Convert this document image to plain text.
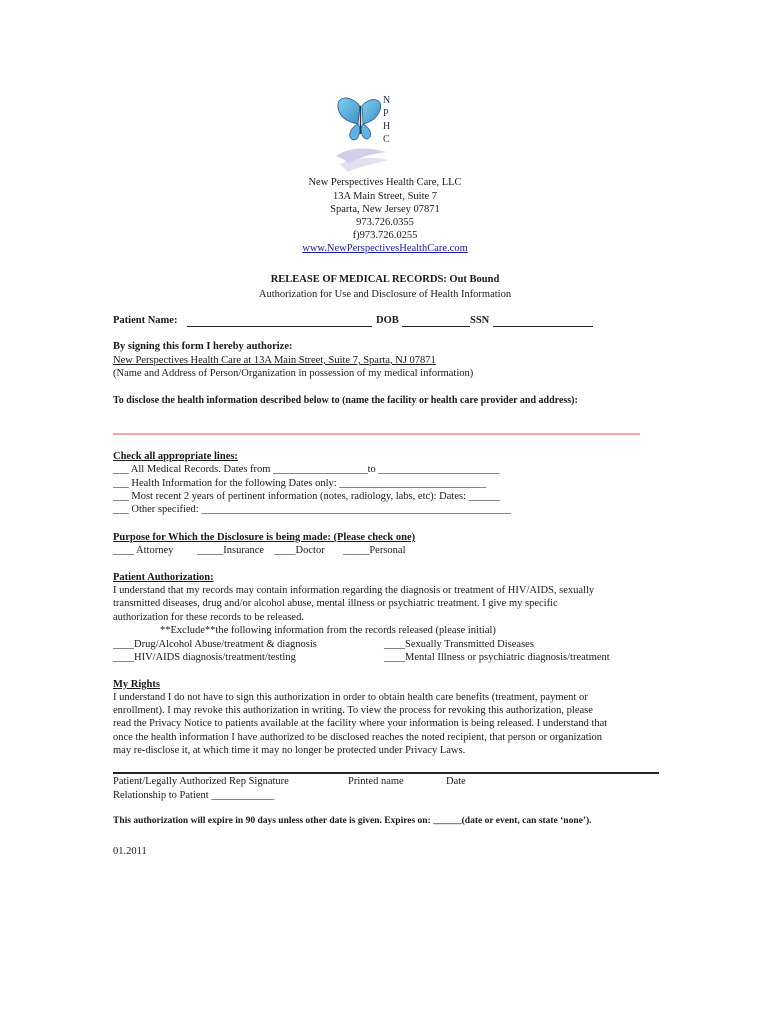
N
P
H
C
New Perspectives Health Care, LLC
13A Main Street, Suite 7
Sparta, New Jersey 07871
973.726.0355
f)973.726.0255
www.NewPerspectivesHealthCare.com
RELEASE OF MEDICAL RECORDS: Out Bound
Authorization for Use and Disclosure of Health Information
Patient Name:	DOB	SSN
By signing this form I hereby authorize:
New Perspectives Health Care at 13A Main Street, Suite 7, Sparta, NJ 07871
(Name and Address of Person/Organization in possession of my medical information)
To disclose the health information described below to (name the facility or health care provider and address):
Check all appropriate lines:
___ All Medical Records. Dates from __________________to _______________________
___ Health Information for the following Dates only: ____________________________
___ Most recent 2 years of pertinent information (notes, radiology, labs, etc): Dates: ______
___ Other specified: ___________________________________________________________
Purpose for Which the Disclosure is being made: (Please check one)
____ Attorney         _____Insurance    ____Doctor       _____Personal
Patient Authorization:
I understand that my records may contain information regarding the diagnosis or treatment of HIV/AIDS, sexually
transmitted diseases, drug and/or alcohol abuse, mental illness or psychiatric treatment. I give my specific
authorization for these records to be released.
**Exclude**the following information from the records released (please initial)
____Drug/Alcohol Abuse/treatment & diagnosis	____Sexually Transmitted Diseases
____HIV/AIDS diagnosis/treatment/testing	____Mental Illness or psychiatric diagnosis/treatment
My Rights
I understand I do not have to sign this authorization in order to obtain health care benefits (treatment, payment or
enrollment). I may revoke this authorization in writing. To view the process for revoking this authorization, please
read the Privacy Notice to patients available at the facility where your information is being released. I understand that
once the health information I have authorized to be disclosed reaches the noted recipient, that person or organization
may re-disclose it, at which time it may no longer be protected under Privacy Laws.
Patient/Legally Authorized Rep Signature	Printed name	Date
Relationship to Patient ____________
This authorization will expire in 90 days unless other date is given. Expires on: ______(date or event, can state ‘none’).
01.2011
